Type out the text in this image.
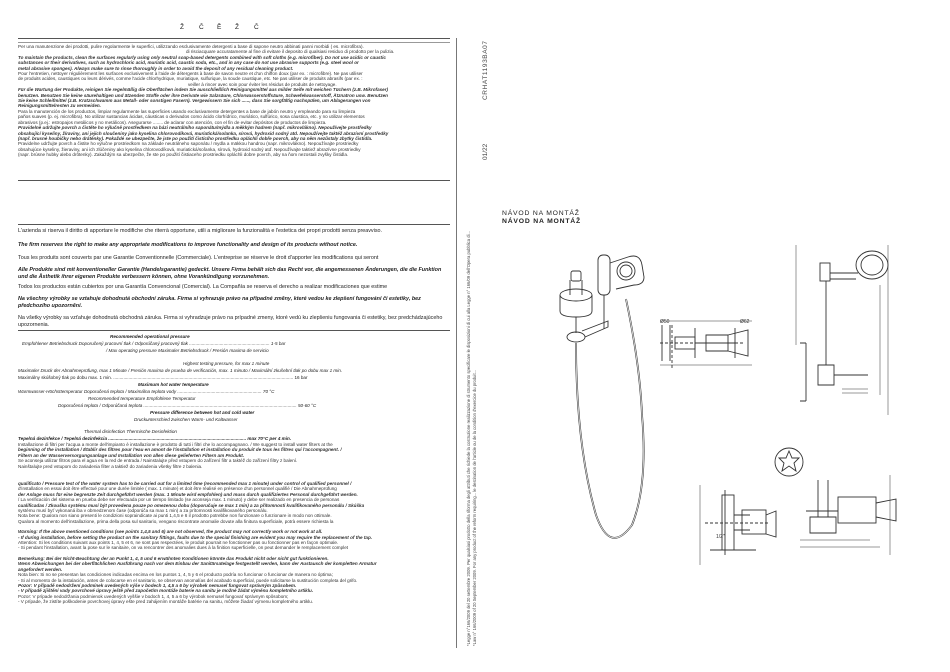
Ž Č Ě Ž Č
Per una manutenzione dei prodotti, pulire regolarmente le superfici, utilizzando esclusivamente detergenti a base di sapone neutro abbinati panni morbidi ( es. microfibra).
di risciacquare accuratamente al fine di evitare il deposito di qualsiasi residuo di prodotto per la pulizia.
To maintain the products, clean the surfaces regularly using only neutral soap-based detergents combined with soft cloths (e.g. microfiber). Do not use acidic or caustic
substances or their derivatives, such as hydrochloric acid, muriatic acid, caustic soda, etc., and in any case do not use abrasive supports (e.g. steel wool or
metal abrasive sponges). Always make sure to rinse thoroughly in order to avoid the deposit of any residual cleaning product.
Pour l'entretien, nettoyer régulièrement les surfaces exclusivement à l'aide de détergents à base de savon neutre et d'un chiffon doux (par ex. : microfibre). Ne pas utiliser
de produits acides, caustiques ou leurs dérivés, comme l'acide chlorhydrique, muriatique, sulfurique, la soude caustique, etc. Ne pas utiliser de produits abrasifs (par ex. :
veiller à rincer avec soin pour éviter les résidus de produits de nettoyage.
Für die Wartung der Produkte, reinigen Sie regelmäßig die Oberflächen indem Sie ausschließlich Reinigungsmittel aus milder Seife mit weichen Tüchern (z.B. Mikrofaser)
benutzen. Benutzen Sie keine säurehaltigen und ätzenden Stoffe oder ihre Derivate wie Salzsäure, Chlorwasserstoffsäure, Schwefelwasserstoff, Ätznatron usw. Benutzen
Sie keine Schleifmittel (z.B. Kratzschwamm aus Metall- oder sonstigen Fasern). Vergewissern Sie sich ......, dass Sie sorgfältig nachspülen, um Ablagerungen von
Reinigungsmittelresten zu vermeiden.
Para la manutención de los productos, limpiar regularmente las superficies usando exclusivamente detergentes a base de jabón neutro y empleando para su limpieza
paños suaves (p. ej. microfibra). No utilizar sustancias ácidas, cáusticas o derivados como ácido clorhídrico, muriático, sulfúrico, sosa cáustica, etc. y no utilizar elementos
abrasivos (p.ej.: estropajos metálicos y no metálicos). Asegurarse ........ de aclarar con atención, con el fin de evitar depósitos de productos de limpieza.
Pravidelně udržujte povrch a čistěte ho výlučně prostředkem na bázi neutrálního saponátu/mýdla a měkkým hadrem (např. mikrovlákno). Nepoužívejte prostředky
obsahující kyseliny, žíraviny, ani jejich sloučeniny jako kyselina chlorovodíková, muriatická/solanka, sírová, hydroxid sodný atd. Nepoužívejte taktéž abrazivní prostředky
(např. brusné houbičky nebo drátěnky). Pokaždé se ubezpečte, že jste po použití čisticího prostředku opláchli dobře povrch, aby na něm nezůstaly zbytky čistidla.
Pravidelne udržujte povrch a čistite ho výlučne prostriedkom na základe neutrálneho saponátu / mydla a mäkkou handrou (napr. mikrovlákno). Nepoužívajte prostriedky
obsahujúce kyseliny, žieraviny, ani ich zlúčeniny ako kyselina chlorovodíková, muriatická/soľanka, sírová, hydroxid sodný atď. Nepoužívajte taktiež abrazívne prostriedky
(napr. brúsne hubky alebo drôtenky). Zakaždým sa ubezpečte, že ste po použití čistiaceho prostriedku opláchli dobre povrch, aby na ňom nezostali zvyšky čistidla.

L'azienda si riserva il diritto di apportare le modifiche che riterrà opportune, utili a migliorare la funzionalità e l'estetica dei propri prodotti senza preavviso.

The firm reserves the right to make any appropriate modifications to improve functionality and design of its products without notice.

Tous les produits sont couverts par une Garantie Conventionnelle (Commerciale). L'entreprise se réserve le droit d'apporter les modifications qui seront

Alle Produkte sind mit konventioneller Garantie (Handelsgarantie) gedeckt. Unsere Firma behält sich das Recht vor, die angemessenen Änderungen, die die Funktion und die Ästhetik ihrer eigenen Produkte verbessern können, ohne Vorankündigung vorzunehmen.

Todos los productos están cubiertos por una Garantía Convencional (Comercial). La Compañía se reserva el derecho a realizar modificaciones que estime

Na všechny výrobky se vztahuje dohodnutá obchodní záruka. Firma si vyhrazuje právo na případné změny, které vedou ke zlepšení fungování či estetiky, bez předchozího upozornění.

Na všetky výrobky sa vzťahuje dohodnutá obchodná záruka. Firma si vyhradzuje právo na prípadné zmeny, ktoré vedú ku zlepšeniu fungovania či estetiky, bez predchádzajúceho upozornenia.

Recommended operational pressure
Empfohlener Betriebsdruck Doporučený pracovní tlak / Odporúčaný pracovný tlak ............................................................... 1-5 bar
/ Max operating pressure Maximaler Betriebsdruck / Presión maxima de servicio
Highest testing pressure, for max 1 minute
Maximaler Druck der Abnahmeprüfung, max 1 Minute / Presión maxima de prueba de verificación, max. 1 minuto / Maximální zkušební tlak po dobu max 1 min.
Maximálny skúšobný tlak po dobu max. 1 min. ............................................................................................................................................. 16 bar
Maximum hot water temperature
Warmwasser-Höchsttemperatur Doporučená teplota / Maximálna teplota vody .................................................................. 70 °C
Recommended temperature Empfohlene Temperatur
Doporučená teplota / Odporúčaná teplota ........................................................................................................................ 50-60 °C
Pressure difference between hot and cold water
Druckunterschied zwischen Warm- und Kaltwasser
Thermal disinfection Thermische Desinfektion
Tepelná dezinfekce / Tepelná dezinfekcia ............................................................................................................ max 70°C per 4 min.
Installazione di filtri per l'acqua a monte dell'impianto è installazione è prodotto di tutti i filtri che lo accompagnano. / We suggest to install water filters at the
beginning of the installation / Établir des filtres pour l'eau en amont de l'installation et installation du produit de tous les filtres qui l'accompagnent. /
Filtern an der Wasserversorgungsanlage und Installation von allen diese gelieferten Filtern am Produkt.
Se aconseja utilizar filtros para el agua en la red de entrada / Nainstalujte před vstupem do zařízení filtr a taktéž do zařízení filtry z balení.
Nainštalujte pred vstupom do zariadenia filter a taktiež do zariadenia všetky filtre z balenia.
qualificato / Pressure test of the water system has to be carried out for a limited time (recommended max 1 minute) under control of qualified personnel /
d'installation en essai doit être effectué pour une durée limitée ( max. 1 minute) et doit être réalisé en présence d'un personnel qualifié / Die Abnahmeprüfung
der Anlage muss für eine begrenzte Zeit durchgeführt werden (max. 1 Minute wird empfohlen) und muss durch qualifiziertes Personal durchgeführt werden.
/ La verificación del sistema en prueba debe ser efectuada por un tiempo limitado (se aconseja max. 1 minuto) y debe ser realizado en presencia de personas
cualificadas / Zkouška systému musí být provedena pouze po omezenou dobu (doporučuje se max 1 min) a za přítomnosti kvalifikovaného personálu / Skúška
systému musí byť vykonaná iba v obmedzenom čase (odporúča sa max 1 min) a za prítomnosti kvalifikovaného personálu.
Nota bene: Qualora non siano presenti le condizioni sopraindicate ai punti 1,4,5 e 6 il prodotto potrebbe non funzionare o funzionare in modo non ottimale.
Qualora al momento dell'installazione, prima della posa sul sanitario, vengano riscontrate anomalie dovute alla finitura superficiale, potrà essere richiesta la
Warning: If the above mentioned conditions (see points 1,4,5 and 6) are not observed, the product may not correctly work or not work at all.
- If during installation, before setting the product on the sanitary fittings, faults due to the special finishing are evident you may require the replacement of the tap.
Attention: Si les conditions suivant aux points 1, 4, 5 et 6, ne sont pas respectées, le produit pourrait ne fonctionner pas ou fonctionner pas en façon optimale.
- Si pendant l'installation, avant la pose sur le sanitaire, on va rencontrer des anomalies dues à la finition superficielle, on peut demander le remplacement complet
Bemerkung: Bei der Nicht-Beachtung der an Punkt 1, 4, 5 und 6 erwähnten Konditionen könnte das Produkt nicht oder nicht gut funktionieren.
Wenn Abweichungen bei der oberflächlichen Ausführung nach vor dem Einbau der Sanitärsatelage festgestellt werden, kann der Austausch der kompletten Armatur
angefordert werden.
Nota bien: Si no se presentan las condiciones indicadas encima en los puntos 1, 4, 5 y 6 el producto podría no funcionar o funcionar de manera no óptima;
- Si al momento de la instalación, antes de colocarse en el sanitario, se observan anomalías del acabado superficial, puede solicitarse la sustitución completa del grifo.
Pozor: V případě nedodržení podmínek uvedených výše v bodech 1, 4,5 a 6 by výrobek nemusel fungovat správným způsobem.
- V případě zjištění vady povrchové úpravy ještě před započetím montáže baterie na sanitu je možné žádat výměnu kompletního artiklu.
Pozor: V prípade nedodržania podmienok uvedených vyššie v bodoch 1, 4, 5 a 6 by výrobok nemusel fungovať správnym spôsobom;
- V prípade, že zistíte poškodenie povrchovej úpravy ešte pred zahájením montáže batérie na sanitu, môžete žiadať výmenu kompletného artiklu.	*Legge n°166/2009 del 20 settembre 2009. Per qualsiasi prodotto della riforma degli attributi che richiede la costruzione realizzazione di strumento specificare le disposizioni di cui alla Legge n° 166/09 dell'Opera pubblica di... *Law n° 166/2009 of 20 September 2009. For any product of the reform requiring... le destination de l'article ou de la condition d'exercice du produit...
CRHAT1193BA07
01/22
NÁVOD NA MONTÁŽ
NÁVOD NA MONTÁŽ
Ø50	Ø62
1/2"
